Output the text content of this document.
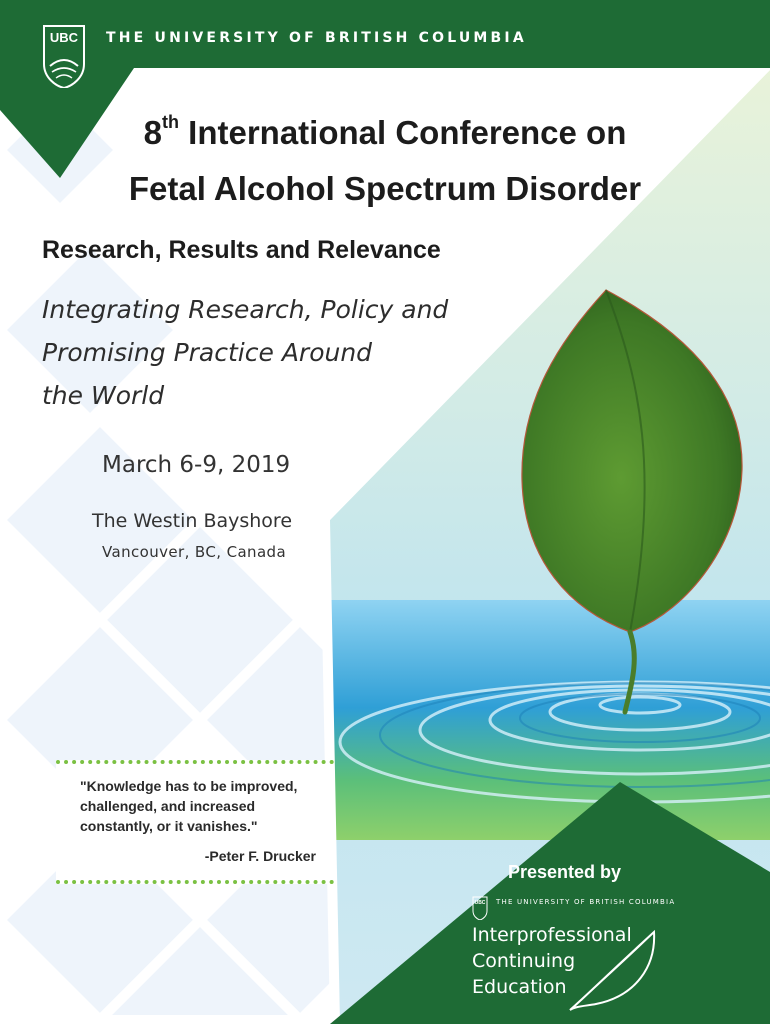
UBC THE UNIVERSITY OF BRITISH COLUMBIA
8th International Conference on
Fetal Alcohol Spectrum Disorder
Research, Results and Relevance
Integrating Research, Policy and
Promising Practice Around
the World
March 6-9, 2019
The Westin Bayshore
Vancouver, BC, Canada
"Knowledge has to be improved,
challenged, and increased
constantly, or it vanishes."
-Peter F. Drucker
Presented by
UBC THE UNIVERSITY OF BRITISH COLUMBIA
Interprofessional
Continuing
Education
